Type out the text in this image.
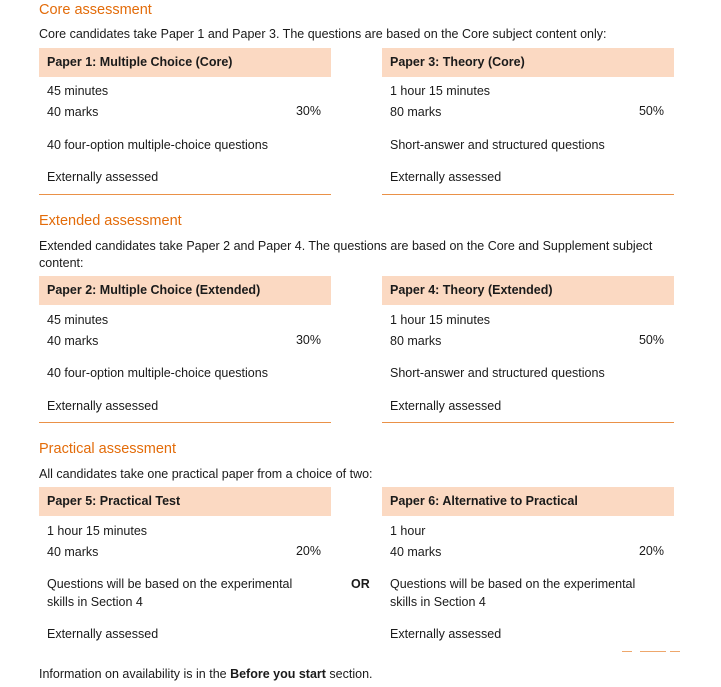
Core assessment
Core candidates take Paper 1 and Paper 3. The questions are based on the Core subject content only:
Paper 1: Multiple Choice (Core)
45 minutes
40 marks	30%
40 four-option multiple-choice questions
Externally assessed
Paper 3: Theory (Core)
1 hour 15 minutes
80 marks	50%
Short-answer and structured questions
Externally assessed
Extended assessment
Extended candidates take Paper 2 and Paper 4. The questions are based on the Core and Supplement subject content:
Paper 2: Multiple Choice (Extended)
45 minutes
40 marks	30%
40 four-option multiple-choice questions
Externally assessed
Paper 4: Theory (Extended)
1 hour 15 minutes
80 marks	50%
Short-answer and structured questions
Externally assessed
Practical assessment
All candidates take one practical paper from a choice of two:
Paper 5: Practical Test
1 hour 15 minutes
40 marks	20%
Questions will be based on the experimental
skills in Section 4
Externally assessed
OR
Paper 6: Alternative to Practical
1 hour
40 marks	20%
Questions will be based on the experimental
skills in Section 4
Externally assessed
Information on availability is in the Before you start section.
